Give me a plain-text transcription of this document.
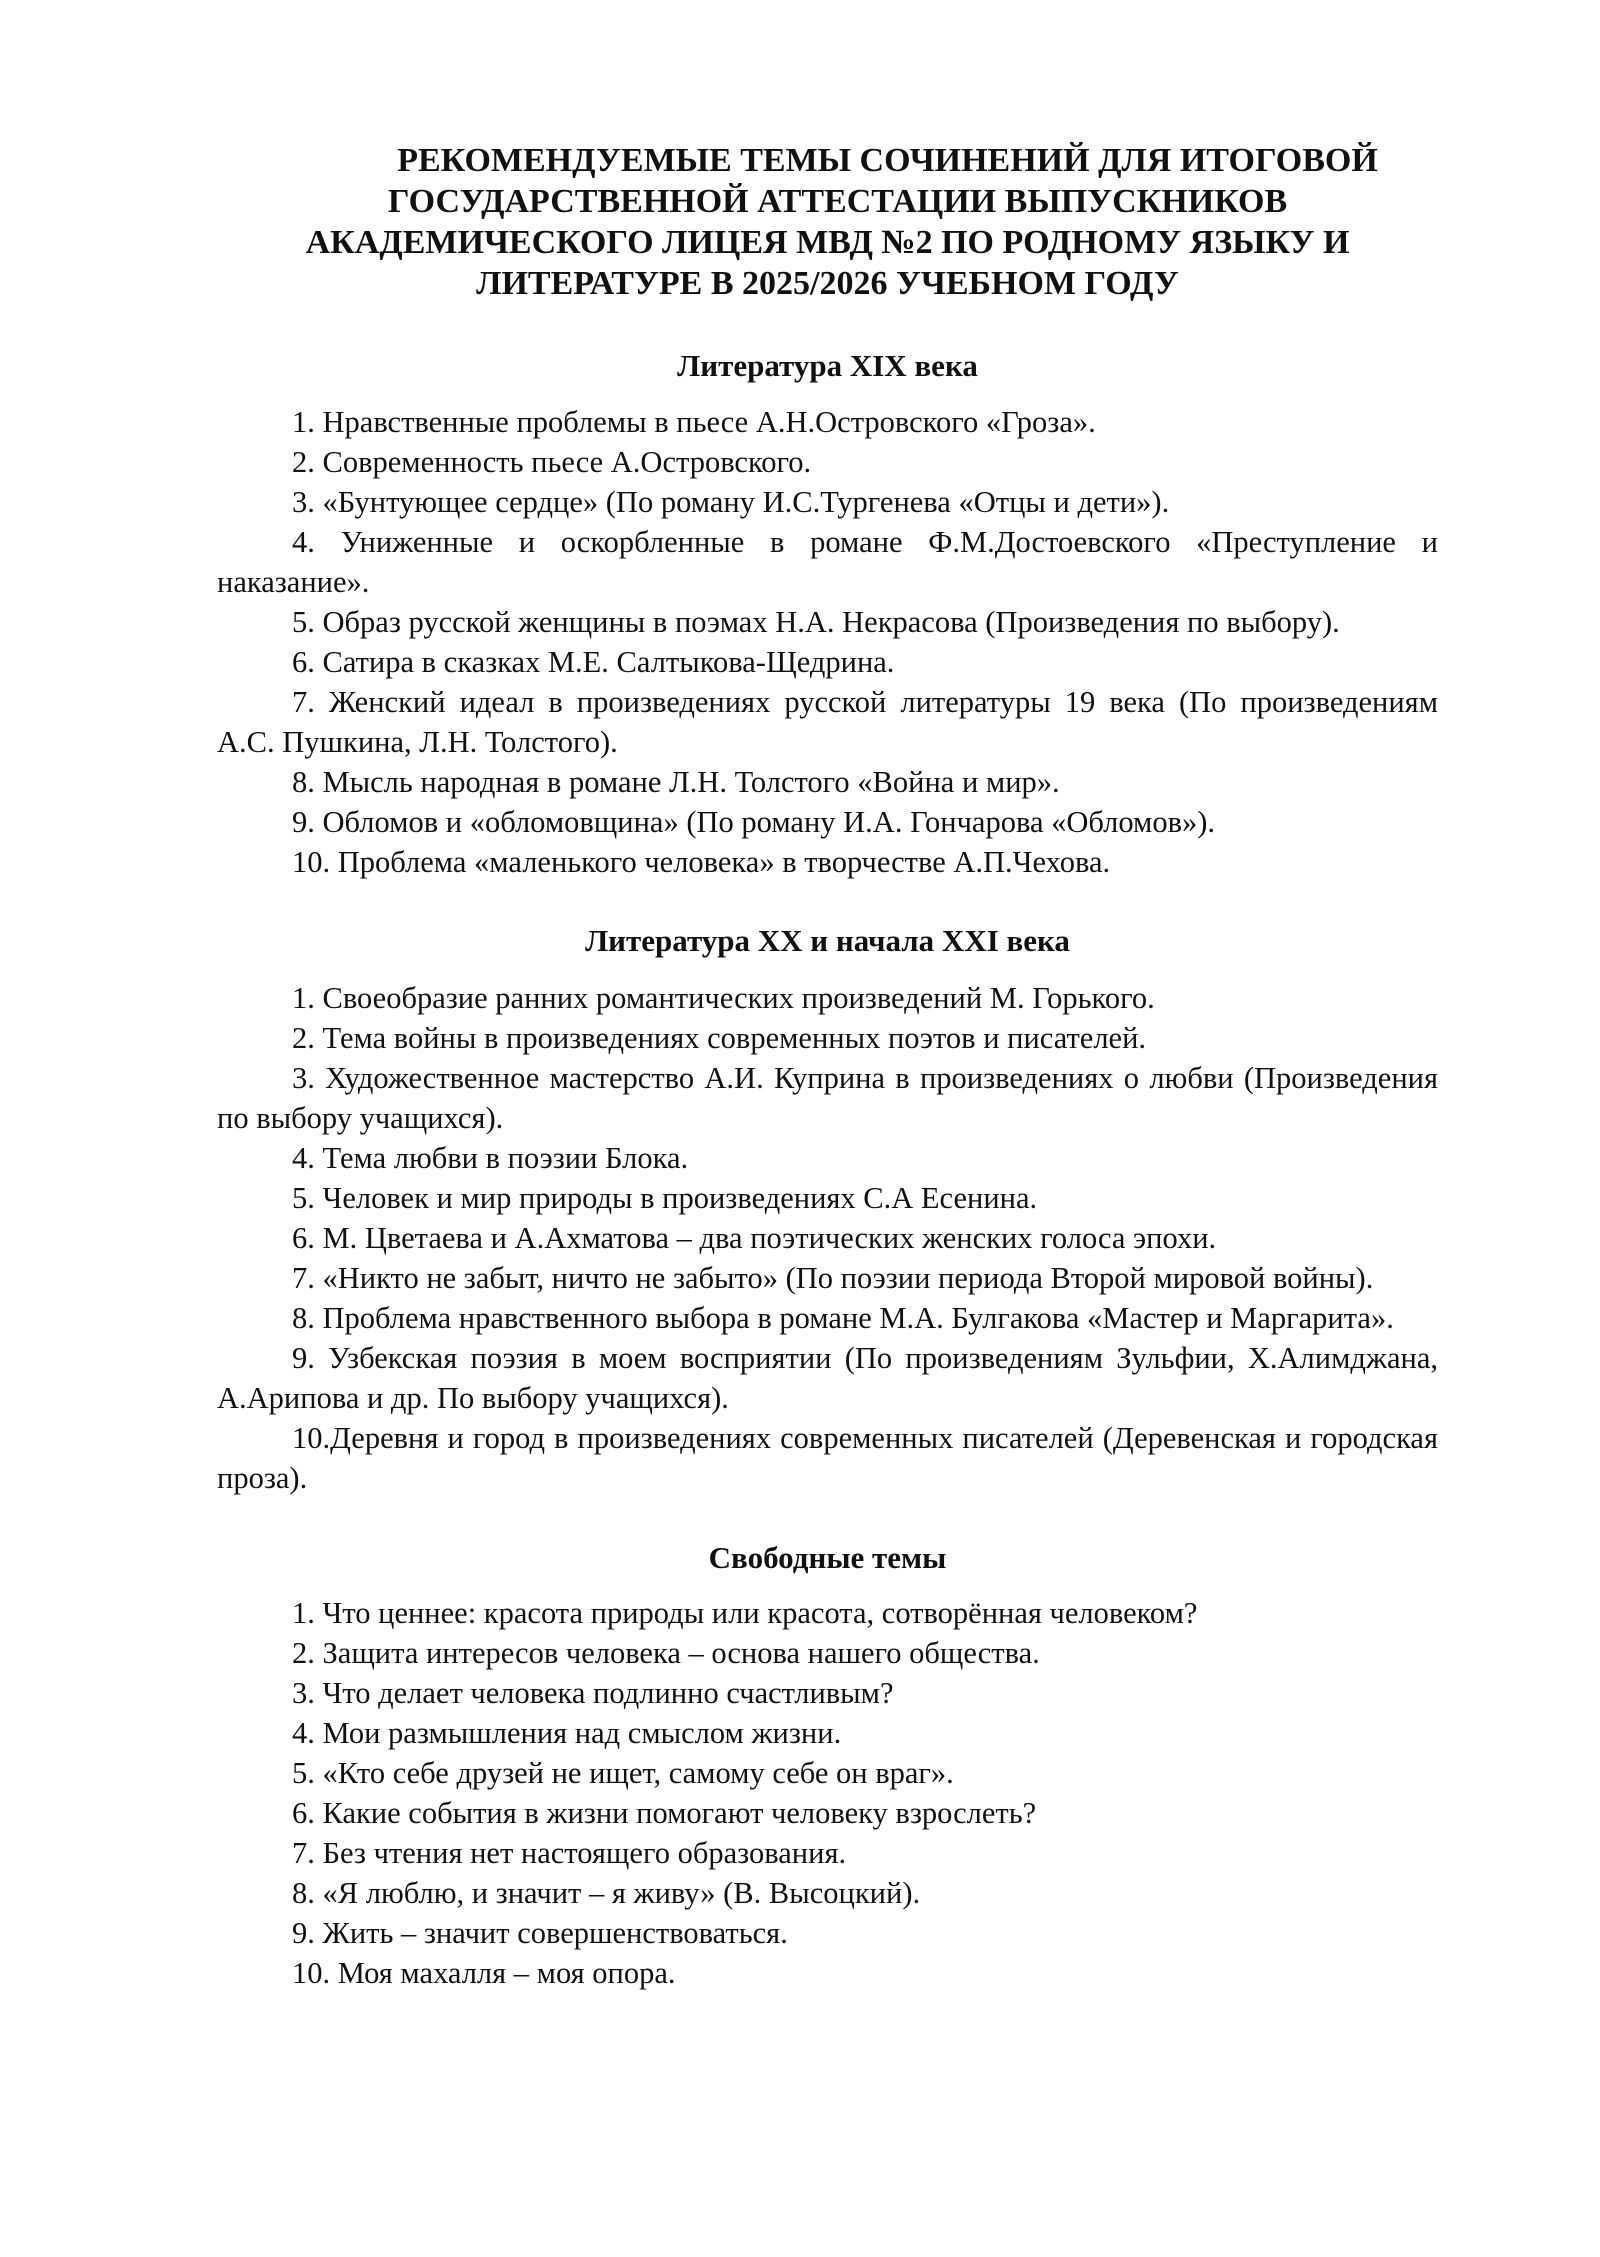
РЕКОМЕНДУЕМЫЕ ТЕМЫ СОЧИНЕНИЙ ДЛЯ ИТОГОВОЙ
ГОСУДАРСТВЕННОЙ АТТЕСТАЦИИ ВЫПУСКНИКОВ
АКАДЕМИЧЕСКОГО ЛИЦЕЯ МВД №2 ПО РОДНОМУ ЯЗЫКУ И
ЛИТЕРАТУРЕ В 2025/2026 УЧЕБНОМ ГОДУ
Литература XIX века
1. Нравственные проблемы в пьесе А.Н.Островского «Гроза».
2. Современность пьесе А.Островского.
3. «Бунтующее сердце» (По роману И.С.Тургенева «Отцы и дети»).
4. Униженные и оскорбленные в романе Ф.М.Достоевского «Преступление и наказание».
5. Образ русской женщины в поэмах Н.А. Некрасова (Произведения по выбору).
6. Сатира в сказках М.Е. Салтыкова-Щедрина.
7. Женский идеал в произведениях русской литературы 19 века (По произведениям А.С. Пушкина, Л.Н. Толстого).
8. Мысль народная в романе Л.Н. Толстого «Война и мир».
9. Обломов и «обломовщина» (По роману И.А. Гончарова «Обломов»).
10. Проблема «маленького человека» в творчестве А.П.Чехова.
Литература XX и начала XXI века
1. Своеобразие ранних романтических произведений М. Горького.
2. Тема войны в произведениях современных поэтов и писателей.
3. Художественное мастерство А.И. Куприна в произведениях о любви (Произведения по выбору учащихся).
4. Тема любви в поэзии Блока.
5. Человек и мир природы в произведениях С.А Есенина.
6. М. Цветаева и А.Ахматова – два поэтических женских голоса эпохи.
7. «Никто не забыт, ничто не забыто» (По поэзии периода Второй мировой войны).
8. Проблема нравственного выбора в романе М.А. Булгакова «Мастер и Маргарита».
9. Узбекская поэзия в моем восприятии (По произведениям Зульфии, Х.Алимджана, А.Арипова и др. По выбору учащихся).
10.Деревня и город в произведениях современных писателей (Деревенская и городская проза).
Свободные темы
1. Что ценнее: красота природы или красота, сотворённая человеком?
2. Защита интересов человека – основа нашего общества.
3. Что делает человека подлинно счастливым?
4. Мои размышления над смыслом жизни.
5. «Кто себе друзей не ищет, самому себе он враг».
6. Какие события в жизни помогают человеку взрослеть?
7. Без чтения нет настоящего образования.
8. «Я люблю, и значит – я живу» (В. Высоцкий).
9. Жить – значит совершенствоваться.
10. Моя махалля – моя опора.
